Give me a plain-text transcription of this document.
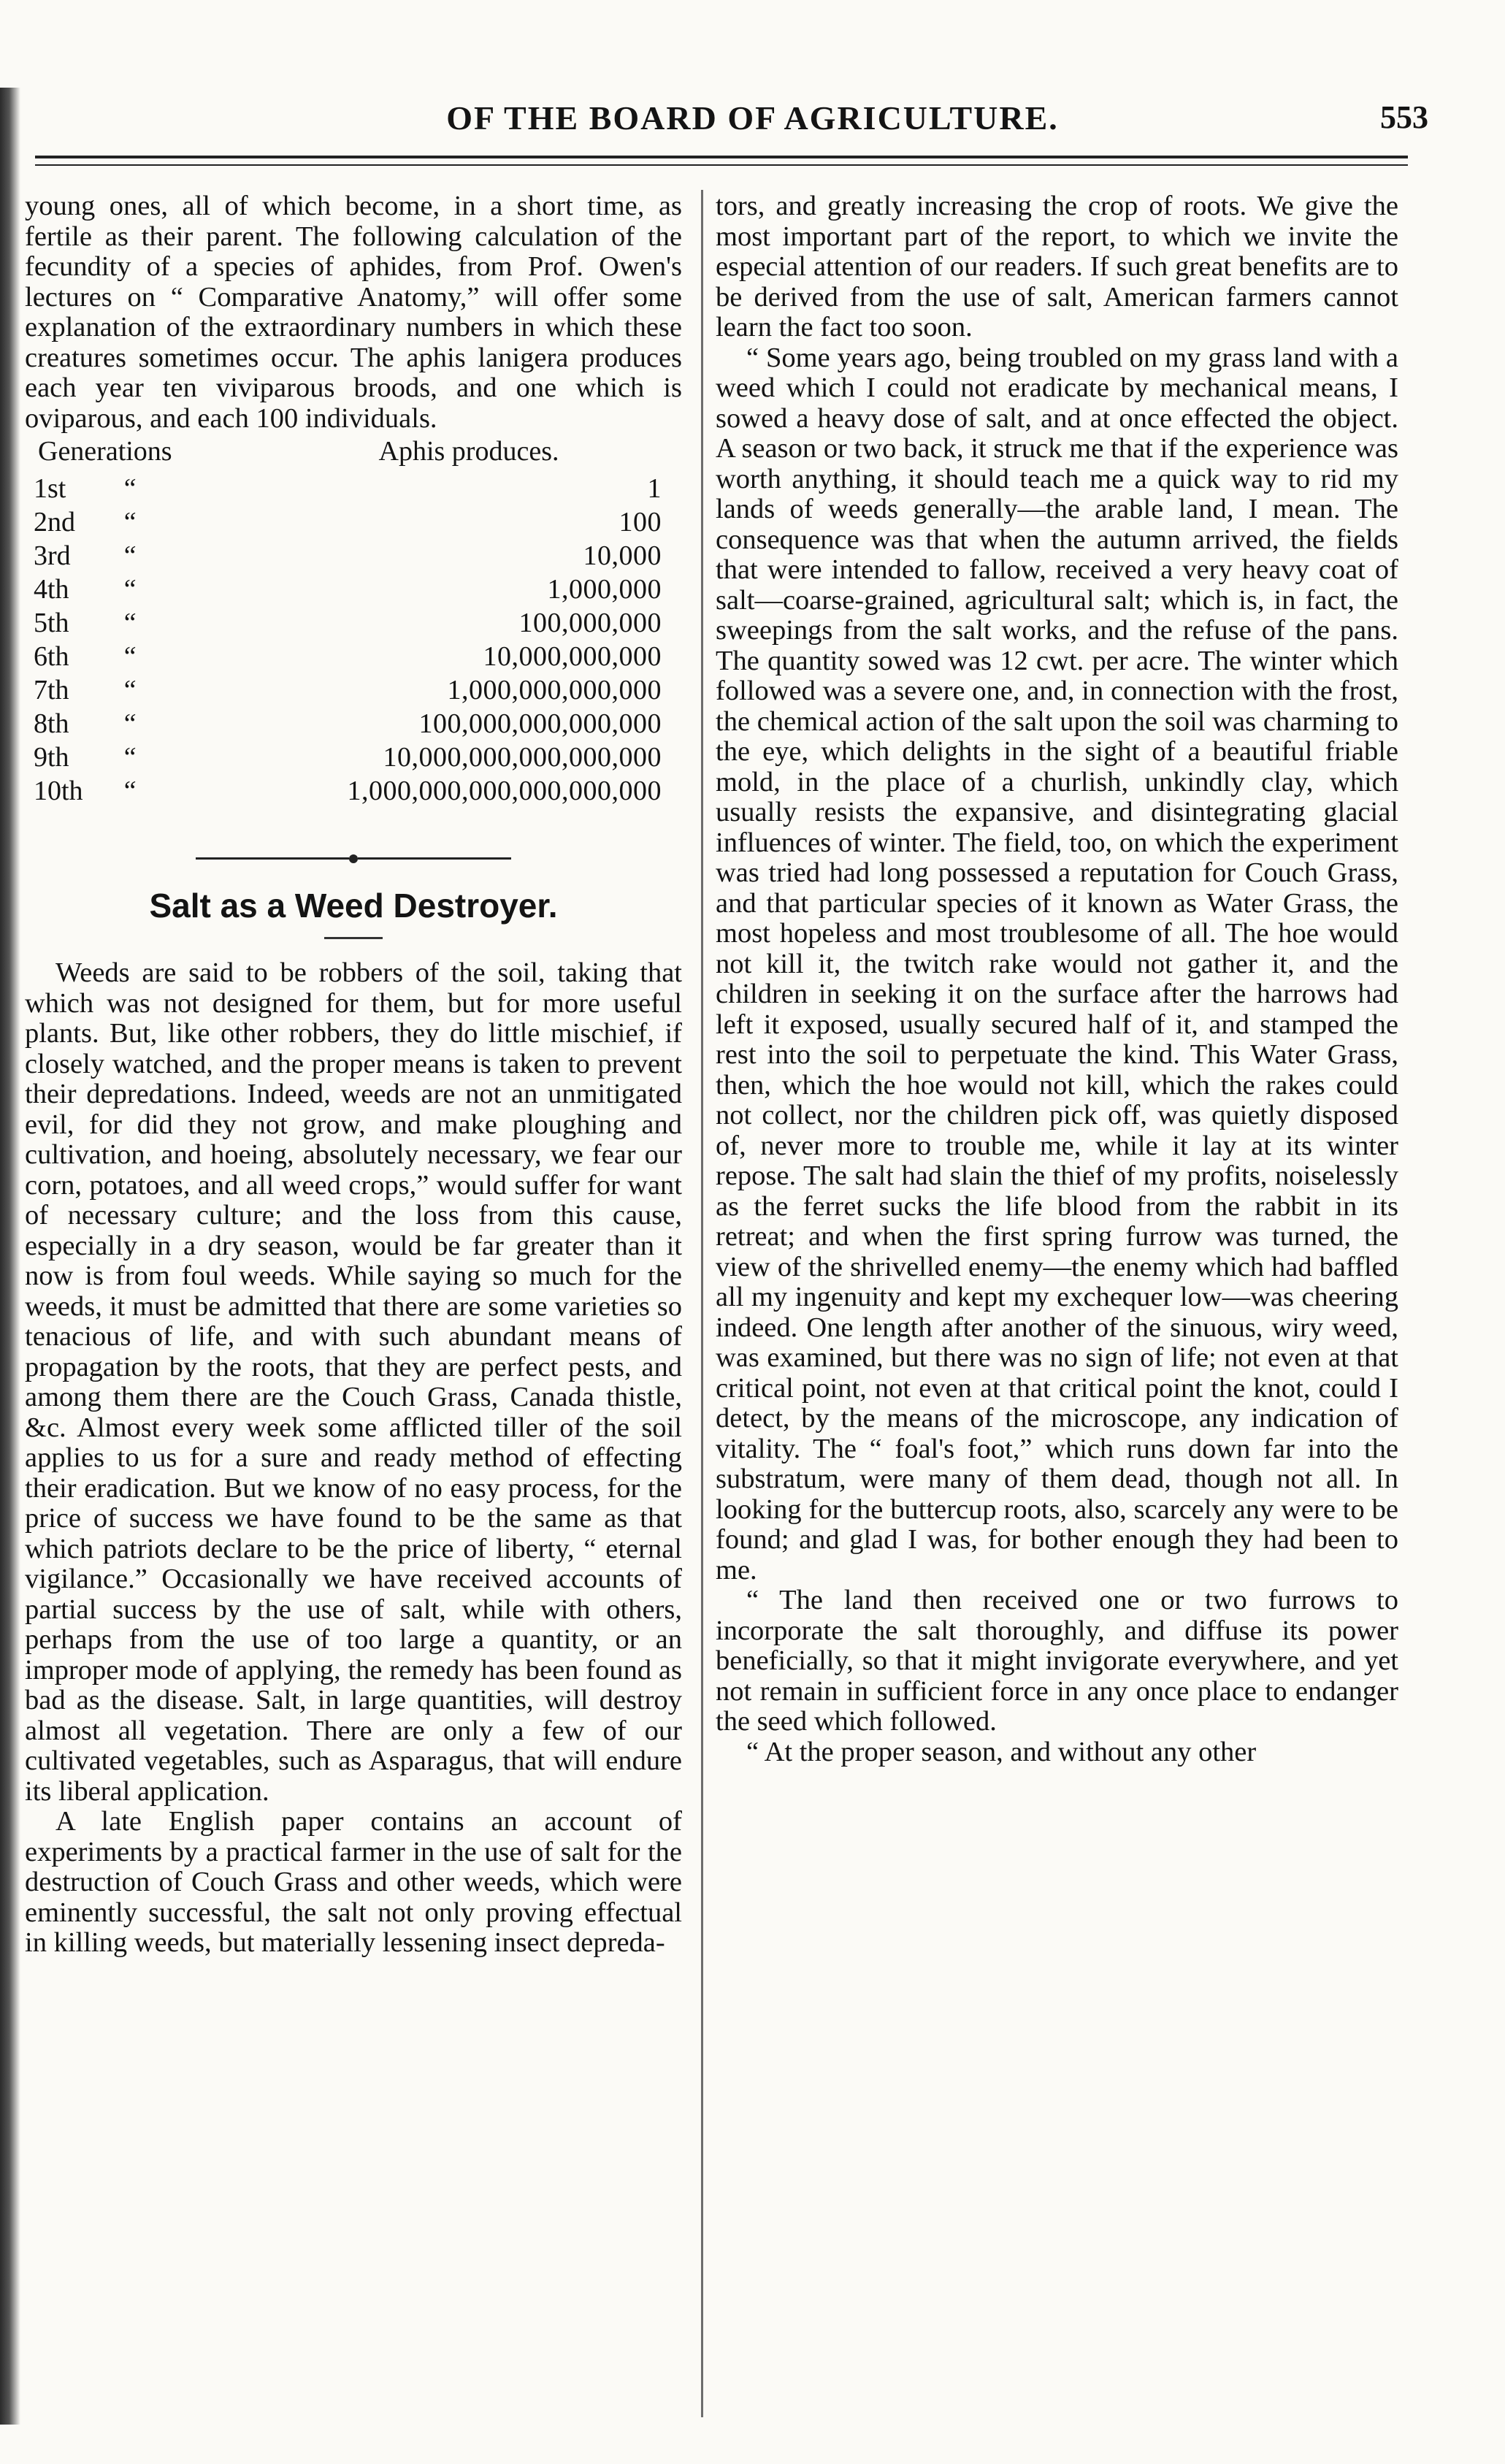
OF THE BOARD OF AGRICULTURE.	553

young ones, all of which become, in a short time, as fertile as their parent. The following calculation of the fecundity of a species of aphides, from Prof. Owen's lectures on “ Comparative Anatomy,” will offer some explanation of the extraordinary numbers in which these creatures sometimes occur. The aphis lanigera produces each year ten viviparous broods, and one which is oviparous, and each 100 individuals.

Generations	Aphis produces.
1st	“	1
2nd	“	100
3rd	“	10,000
4th	“	1,000,000
5th	“	100,000,000
6th	“	10,000,000,000
7th	“	1,000,000,000,000
8th	“	100,000,000,000,000
9th	“	10,000,000,000,000,000
10th	“	1,000,000,000,000,000,000
Salt as a Weed Destroyer.

Weeds are said to be robbers of the soil, taking that which was not designed for them, but for more useful plants. But, like other robbers, they do little mischief, if closely watched, and the proper means is taken to prevent their depredations. Indeed, weeds are not an unmitigated evil, for did they not grow, and make ploughing and cultivation, and hoeing, absolutely necessary, we fear our corn, potatoes, and all weed crops,” would suffer for want of necessary culture; and the loss from this cause, especially in a dry season, would be far greater than it now is from foul weeds. While saying so much for the weeds, it must be admitted that there are some varieties so tenacious of life, and with such abundant means of propagation by the roots, that they are perfect pests, and among them there are the Couch Grass, Canada thistle, &c. Almost every week some afflicted tiller of the soil applies to us for a sure and ready method of effecting their eradication. But we know of no easy process, for the price of success we have found to be the same as that which patriots declare to be the price of liberty, “ eternal vigilance.” Occasionally we have received accounts of partial success by the use of salt, while with others, perhaps from the use of too large a quantity, or an improper mode of applying, the remedy has been found as bad as the disease. Salt, in large quantities, will destroy almost all vegetation. There are only a few of our cultivated vegetables, such as Asparagus, that will endure its liberal application.

A late English paper contains an account of experiments by a practical farmer in the use of salt for the destruction of Couch Grass and other weeds, which were eminently successful, the salt not only proving effectual in killing weeds, but materially lessening insect depreda-

tors, and greatly increasing the crop of roots. We give the most important part of the report, to which we invite the especial attention of our readers. If such great benefits are to be derived from the use of salt, American farmers cannot learn the fact too soon.

“ Some years ago, being troubled on my grass land with a weed which I could not eradicate by mechanical means, I sowed a heavy dose of salt, and at once effected the object. A season or two back, it struck me that if the experience was worth anything, it should teach me a quick way to rid my lands of weeds generally—the arable land, I mean. The consequence was that when the autumn arrived, the fields that were intended to fallow, received a very heavy coat of salt—coarse-grained, agricultural salt; which is, in fact, the sweepings from the salt works, and the refuse of the pans. The quantity sowed was 12 cwt. per acre. The winter which followed was a severe one, and, in connection with the frost, the chemical action of the salt upon the soil was charming to the eye, which delights in the sight of a beautiful friable mold, in the place of a churlish, unkindly clay, which usually resists the expansive, and disintegrating glacial influences of winter. The field, too, on which the experiment was tried had long possessed a reputation for Couch Grass, and that particular species of it known as Water Grass, the most hopeless and most troublesome of all. The hoe would not kill it, the twitch rake would not gather it, and the children in seeking it on the surface after the harrows had left it exposed, usually secured half of it, and stamped the rest into the soil to perpetuate the kind. This Water Grass, then, which the hoe would not kill, which the rakes could not collect, nor the children pick off, was quietly disposed of, never more to trouble me, while it lay at its winter repose. The salt had slain the thief of my profits, noiselessly as the ferret sucks the life blood from the rabbit in its retreat; and when the first spring furrow was turned, the view of the shrivelled enemy—the enemy which had baffled all my ingenuity and kept my exchequer low—was cheering indeed. One length after another of the sinuous, wiry weed, was examined, but there was no sign of life; not even at that critical point, not even at that critical point the knot, could I detect, by the means of the microscope, any indication of vitality. The “ foal's foot,” which runs down far into the substratum, were many of them dead, though not all. In looking for the buttercup roots, also, scarcely any were to be found; and glad I was, for bother enough they had been to me.

“ The land then received one or two furrows to incorporate the salt thoroughly, and diffuse its power beneficially, so that it might invigorate everywhere, and yet not remain in sufficient force in any once place to endanger the seed which followed.

“ At the proper season, and without any other
